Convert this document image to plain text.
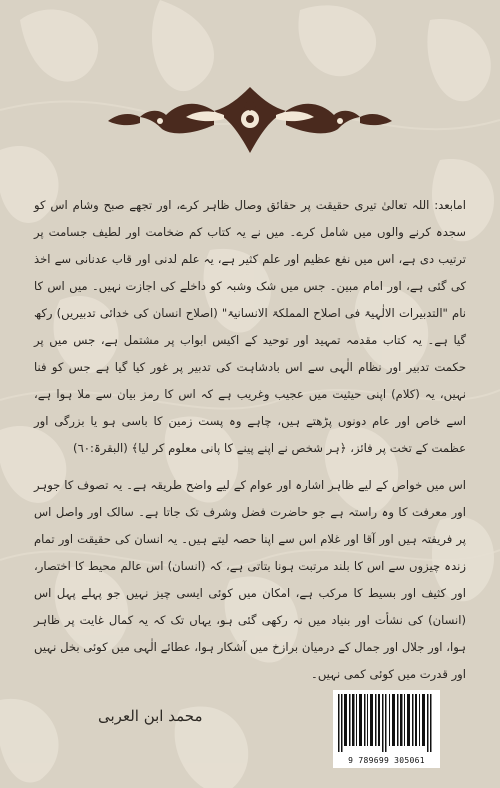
امابعد: اللہ تعالیٰ تیری حقیقت پر حقائق وصال ظاہر کرے، اور تجھے صبح وشام اس کو سجدہ کرنے والوں میں شامل کرے۔ میں نے یہ کتاب کم ضخامت اور لطیف جسامت پر ترتیب دی ہے، اس میں نفع عظیم اور علم کثیر ہے، یہ علم لدنی اور قاب عدنانی سے اخذ کی گئی ہے، اور امام مبین۔ جس میں شک وشبہ کو داخلے کی اجازت نہیں۔ میں اس کا نام "التدبیرات الالٰہیۃ فی اصلاح المملکۃ الانسانیۃ" (اصلاح انسان کی خدائی تدبیریں) رکھ گیا ہے۔ یہ کتاب مقدمہ تمہید اور توحید کے اکیس ابواب پر مشتمل ہے، جس میں پر حکمت تدبیر اور نظام الٰہی سے اس بادشاہت کی تدبیر پر غور کیا گیا ہے جس کو فنا نہیں، یہ (کلام) اپنی حیثیت میں عجیب وغریب ہے کہ اس کا رمز بیان سے ملا ہوا ہے، اسے خاص اور عام دونوں پڑھتے ہیں، چاہے وہ پست زمین کا باسی ہو یا بزرگی اور عظمت کے تخت پر فائز، ﴿ہر شخص نے اپنے پینے کا پانی معلوم کر لیا﴾ (البقرۃ:٦٠)

اس میں خواص کے لیے ظاہر اشارہ اور عوام کے لیے واضح طریقہ ہے۔ یہ تصوف کا جوہر اور معرفت کا وہ راستہ ہے جو حاضرت فضل وشرف تک جاتا ہے۔ سالک اور واصل اس پر فریفتہ ہیں اور آقا اور غلام اس سے اپنا حصہ لیتے ہیں۔ یہ انسان کی حقیقت اور تمام زندہ چیزوں سے اس کا بلند مرتبت ہونا بتاتی ہے، کہ (انسان) اس عالم محیط کا اختصار، اور کثیف اور بسیط کا مرکب ہے، امکان میں کوئی ایسی چیز نہیں جو پہلے پہل اس (انسان) کی نشأت اور بنیاد میں نہ رکھی گئی ہو، یہاں تک کہ یہ کمال غایت پر ظاہر ہوا، اور جلال اور جمال کے درمیان برازخ میں آشکار ہوا، عطائے الٰہی میں کوئی بخل نہیں اور قدرت میں کوئی کمی نہیں۔

محمد ابن العربی
9 789699 305061
